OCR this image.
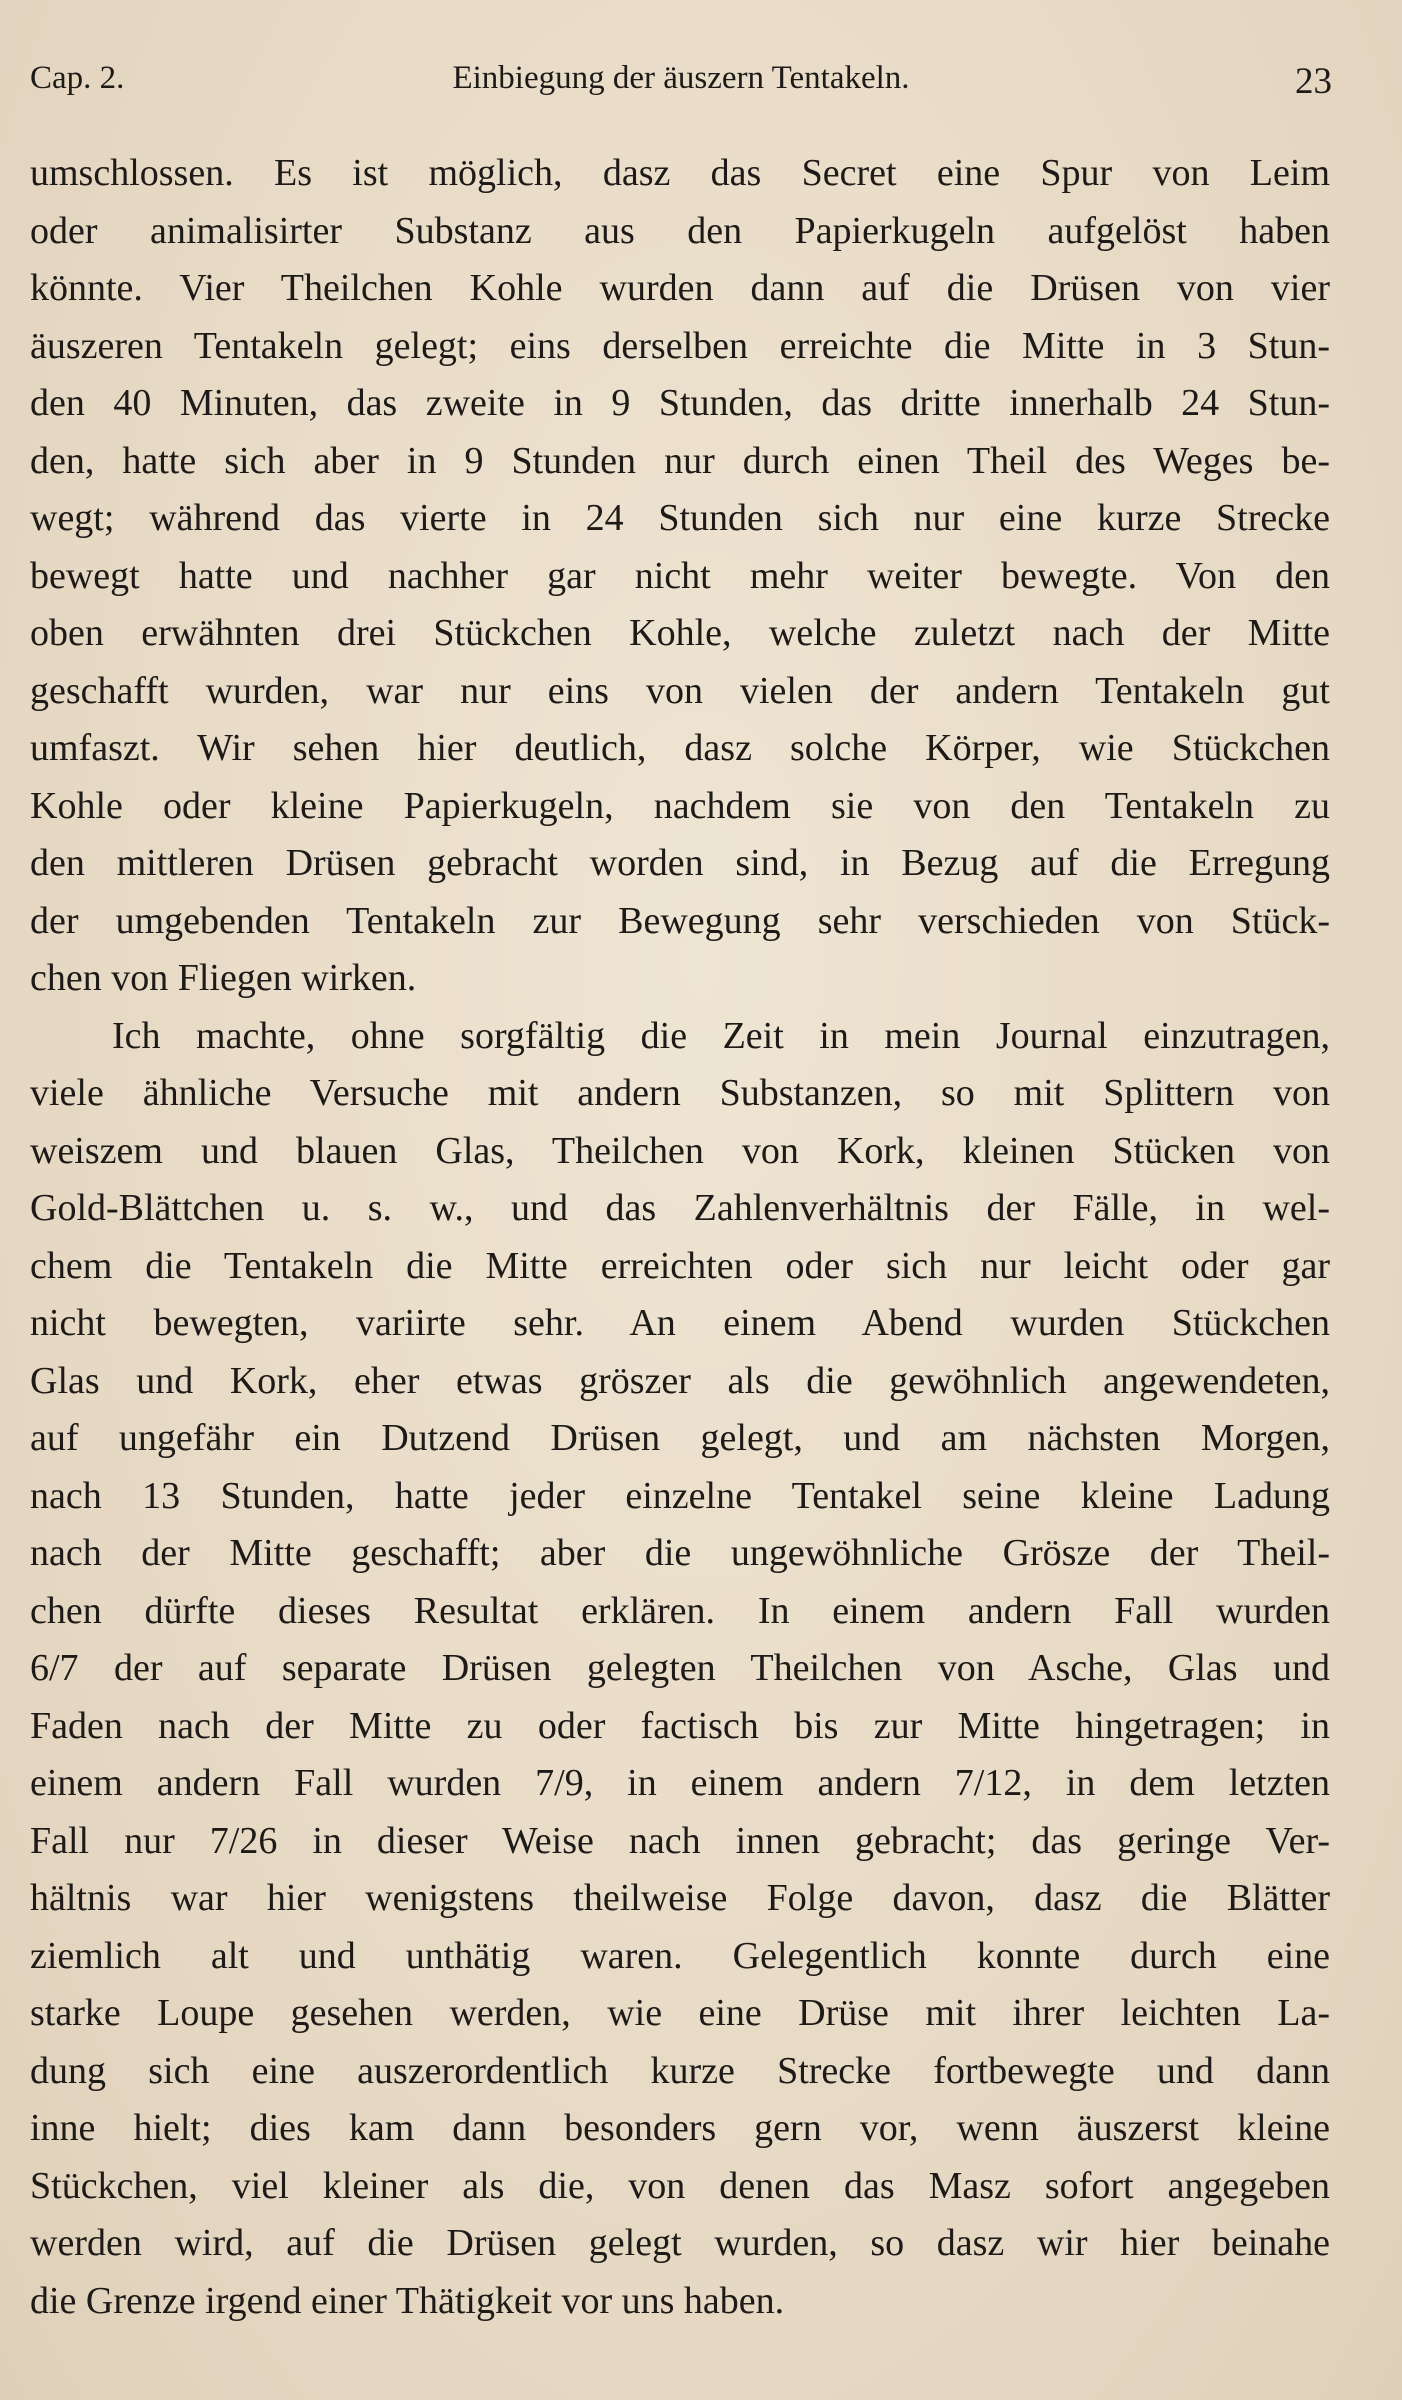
Cap. 2.	Einbiegung der äuszern Tentakeln.	23
umschlossen. Es ist möglich, dasz das Secret eine Spur von Leim
oder animalisirter Substanz aus den Papierkugeln aufgelöst haben
könnte. Vier Theilchen Kohle wurden dann auf die Drüsen von vier
äuszeren Tentakeln gelegt; eins derselben erreichte die Mitte in 3 Stun-
den 40 Minuten, das zweite in 9 Stunden, das dritte innerhalb 24 Stun-
den, hatte sich aber in 9 Stunden nur durch einen Theil des Weges be-
wegt; während das vierte in 24 Stunden sich nur eine kurze Strecke
bewegt hatte und nachher gar nicht mehr weiter bewegte. Von den
oben erwähnten drei Stückchen Kohle, welche zuletzt nach der Mitte
geschafft wurden, war nur eins von vielen der andern Tentakeln gut
umfaszt. Wir sehen hier deutlich, dasz solche Körper, wie Stückchen
Kohle oder kleine Papierkugeln, nachdem sie von den Tentakeln zu
den mittleren Drüsen gebracht worden sind, in Bezug auf die Erregung
der umgebenden Tentakeln zur Bewegung sehr verschieden von Stück-
chen von Fliegen wirken.
Ich machte, ohne sorgfältig die Zeit in mein Journal einzutragen,
viele ähnliche Versuche mit andern Substanzen, so mit Splittern von
weiszem und blauen Glas, Theilchen von Kork, kleinen Stücken von
Gold-Blättchen u. s. w., und das Zahlenverhältnis der Fälle, in wel-
chem die Tentakeln die Mitte erreichten oder sich nur leicht oder gar
nicht bewegten, variirte sehr. An einem Abend wurden Stückchen
Glas und Kork, eher etwas gröszer als die gewöhnlich angewendeten,
auf ungefähr ein Dutzend Drüsen gelegt, und am nächsten Morgen,
nach 13 Stunden, hatte jeder einzelne Tentakel seine kleine Ladung
nach der Mitte geschafft; aber die ungewöhnliche Grösze der Theil-
chen dürfte dieses Resultat erklären. In einem andern Fall wurden
6/7 der auf separate Drüsen gelegten Theilchen von Asche, Glas und
Faden nach der Mitte zu oder factisch bis zur Mitte hingetragen; in
einem andern Fall wurden 7/9, in einem andern 7/12, in dem letzten
Fall nur 7/26 in dieser Weise nach innen gebracht; das geringe Ver-
hältnis war hier wenigstens theilweise Folge davon, dasz die Blätter
ziemlich alt und unthätig waren. Gelegentlich konnte durch eine
starke Loupe gesehen werden, wie eine Drüse mit ihrer leichten La-
dung sich eine auszerordentlich kurze Strecke fortbewegte und dann
inne hielt; dies kam dann besonders gern vor, wenn äuszerst kleine
Stückchen, viel kleiner als die, von denen das Masz sofort angegeben
werden wird, auf die Drüsen gelegt wurden, so dasz wir hier beinahe
die Grenze irgend einer Thätigkeit vor uns haben.
